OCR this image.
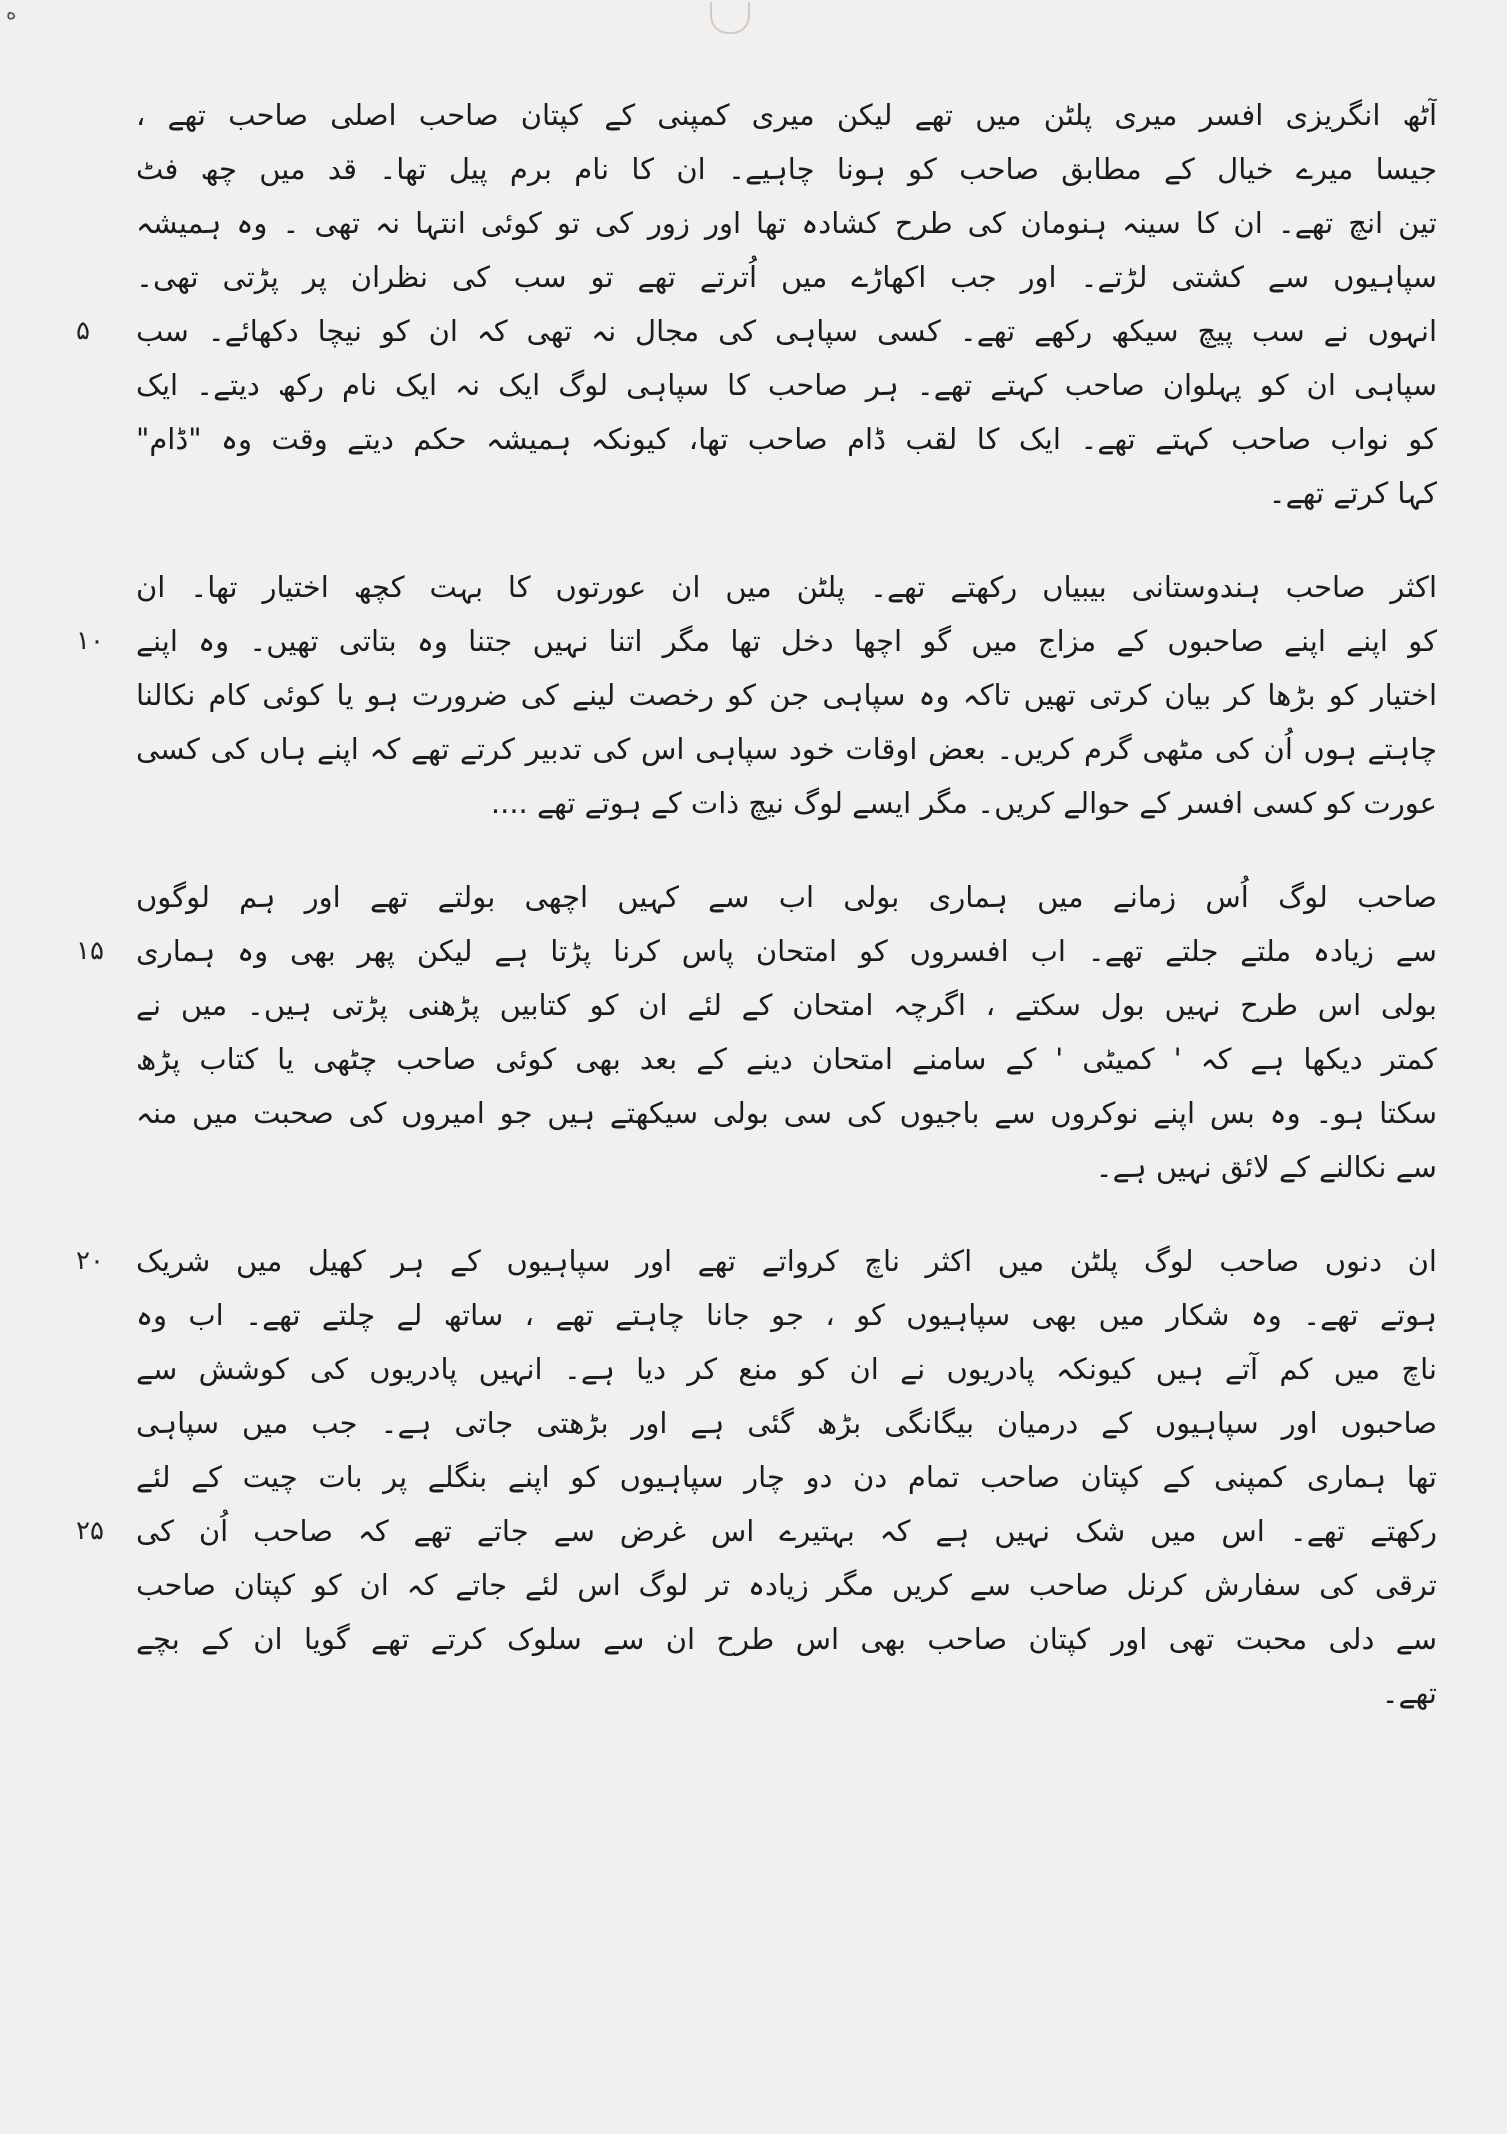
ه
آٹھ انگریزی افسر میری پلٹن میں تھے لیکن میری کمپنی کے کپتان صاحب اصلی صاحب تھے ،
جیسا میرے خیال کے مطابق صاحب کو ہونا چاہیے۔ ان کا نام برم پیل تھا۔ قد میں چھ فٹ
تین انچ تھے۔ ان کا سینہ ہنومان کی طرح کشادہ تھا اور زور کی تو کوئی انتہا نہ تھی ۔ وہ ہمیشہ
سپاہیوں سے کشتی لڑتے۔ اور جب اکھاڑے میں اُترتے تھے تو سب کی نظران پر پڑتی تھی۔
۵	انہوں نے سب پیچ سیکھ رکھے تھے۔ کسی سپاہی کی مجال نہ تھی کہ ان کو نیچا دکھائے۔ سب
سپاہی ان کو پہلوان صاحب کہتے تھے۔ ہر صاحب کا سپاہی لوگ ایک نہ ایک نام رکھ دیتے۔ ایک
کو نواب صاحب کہتے تھے۔ ایک کا لقب ڈام صاحب تھا، کیونکہ ہمیشہ حکم دیتے وقت وہ "ڈام"
کہا کرتے تھے۔
اکثر صاحب ہندوستانی بیبیاں رکھتے تھے۔ پلٹن میں ان عورتوں کا بہت کچھ اختیار تھا۔ ان
۱۰	کو اپنے اپنے صاحبوں کے مزاج میں گو اچھا دخل تھا مگر اتنا نہیں جتنا وہ بتاتی تھیں۔ وہ اپنے
اختیار کو بڑھا کر بیان کرتی تھیں تاکہ وہ سپاہی جن کو رخصت لینے کی ضرورت ہو یا کوئی کام نکالنا
چاہتے ہوں اُن کی مٹھی گرم کریں۔ بعض اوقات خود سپاہی اس کی تدبیر کرتے تھے کہ اپنے ہاں کی کسی
عورت کو کسی افسر کے حوالے کریں۔ مگر ایسے لوگ نیچ ذات کے ہوتے تھے ....
صاحب لوگ اُس زمانے میں ہماری بولی اب سے کہیں اچھی بولتے تھے اور ہم لوگوں
۱۵	سے زیادہ ملتے جلتے تھے۔ اب افسروں کو امتحان پاس کرنا پڑتا ہے لیکن پھر بھی وہ ہماری
بولی اس طرح نہیں بول سکتے ، اگرچہ امتحان کے لئے ان کو کتابیں پڑھنی پڑتی ہیں۔ میں نے
کمتر دیکھا ہے کہ ' کمیٹی ' کے سامنے امتحان دینے کے بعد بھی کوئی صاحب چٹھی یا کتاب پڑھ
سکتا ہو۔ وہ بس اپنے نوکروں سے باجیوں کی سی بولی سیکھتے ہیں جو امیروں کی صحبت میں منہ
سے نکالنے کے لائق نہیں ہے۔
۲۰	ان دنوں صاحب لوگ پلٹن میں اکثر ناچ کرواتے تھے اور سپاہیوں کے ہر کھیل میں شریک
ہوتے تھے۔ وہ شکار میں بھی سپاہیوں کو ، جو جانا چاہتے تھے ، ساتھ لے چلتے تھے۔ اب وہ
ناچ میں کم آتے ہیں کیونکہ پادریوں نے ان کو منع کر دیا ہے۔ انہیں پادریوں کی کوشش سے
صاحبوں اور سپاہیوں کے درمیان بیگانگی بڑھ گئی ہے اور بڑھتی جاتی ہے۔ جب میں سپاہی
تھا ہماری کمپنی کے کپتان صاحب تمام دن دو چار سپاہیوں کو اپنے بنگلے پر بات چیت کے لئے
۲۵	رکھتے تھے۔ اس میں شک نہیں ہے کہ بہتیرے اس غرض سے جاتے تھے کہ صاحب اُن کی
ترقی کی سفارش کرنل صاحب سے کریں مگر زیادہ تر لوگ اس لئے جاتے کہ ان کو کپتان صاحب
سے دلی محبت تھی اور کپتان صاحب بھی اس طرح ان سے سلوک کرتے تھے گویا ان کے بچے
تھے۔
